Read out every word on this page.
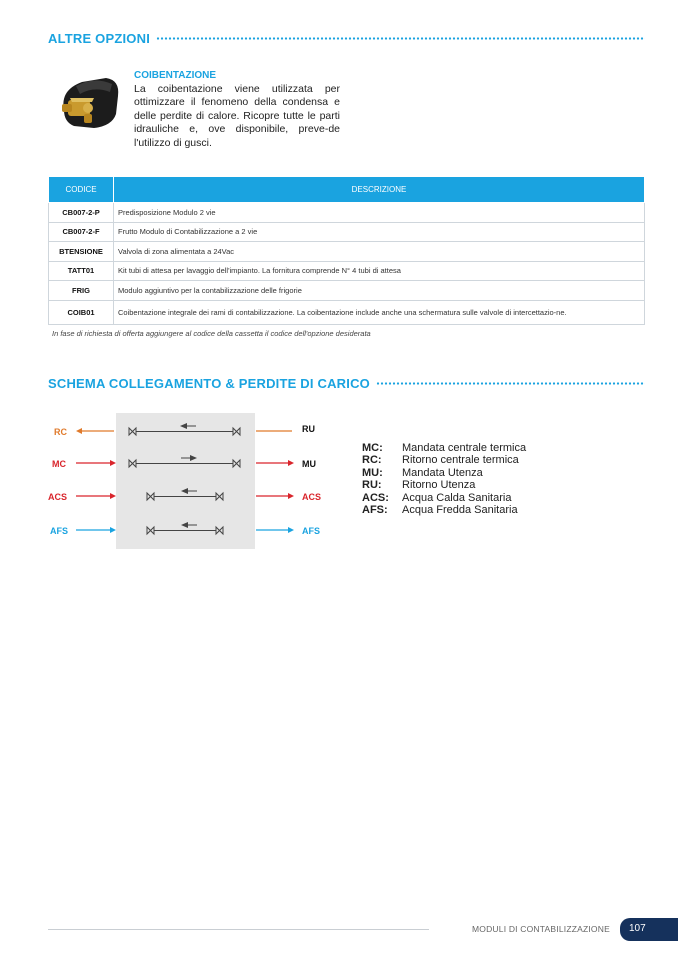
ALTRE OPZIONI
COIBENTAZIONE
La coibentazione viene utilizzata per ottimizzare il fenomeno della condensa e delle perdite di calore. Ricopre tutte le parti idrauliche e, ove disponibile, preve-de l'utilizzo di gusci.
CODICE	DESCRIZIONE
CB007-2-P	Predisposizione Modulo 2 vie
CB007-2-F	Frutto Modulo di Contabilizzazione a 2 vie
BTENSIONE	Valvola di zona alimentata a 24Vac
TATT01	Kit tubi di attesa per lavaggio dell'impianto. La fornitura comprende N° 4 tubi di attesa
FRIG	Modulo aggiuntivo per la contabilizzazione delle frigorie
COIB01	Coibentazione integrale dei rami di contabilizzazione. La coibentazione include anche una schermatura sulle valvole di intercettazio-ne.
In fase di richiesta di offerta aggiungere al codice della cassetta il codice dell'opzione desiderata
SCHEMA COLLEGAMENTO & PERDITE DI CARICO
RC	RU
MC	MU
ACS	ACS
AFS	AFS
MC:	Mandata centrale termica
RC:	Ritorno centrale termica
MU:	Mandata Utenza
RU:	Ritorno Utenza
ACS:	Acqua Calda Sanitaria
AFS:	Acqua Fredda Sanitaria
MODULI DI CONTABILIZZAZIONE	107
